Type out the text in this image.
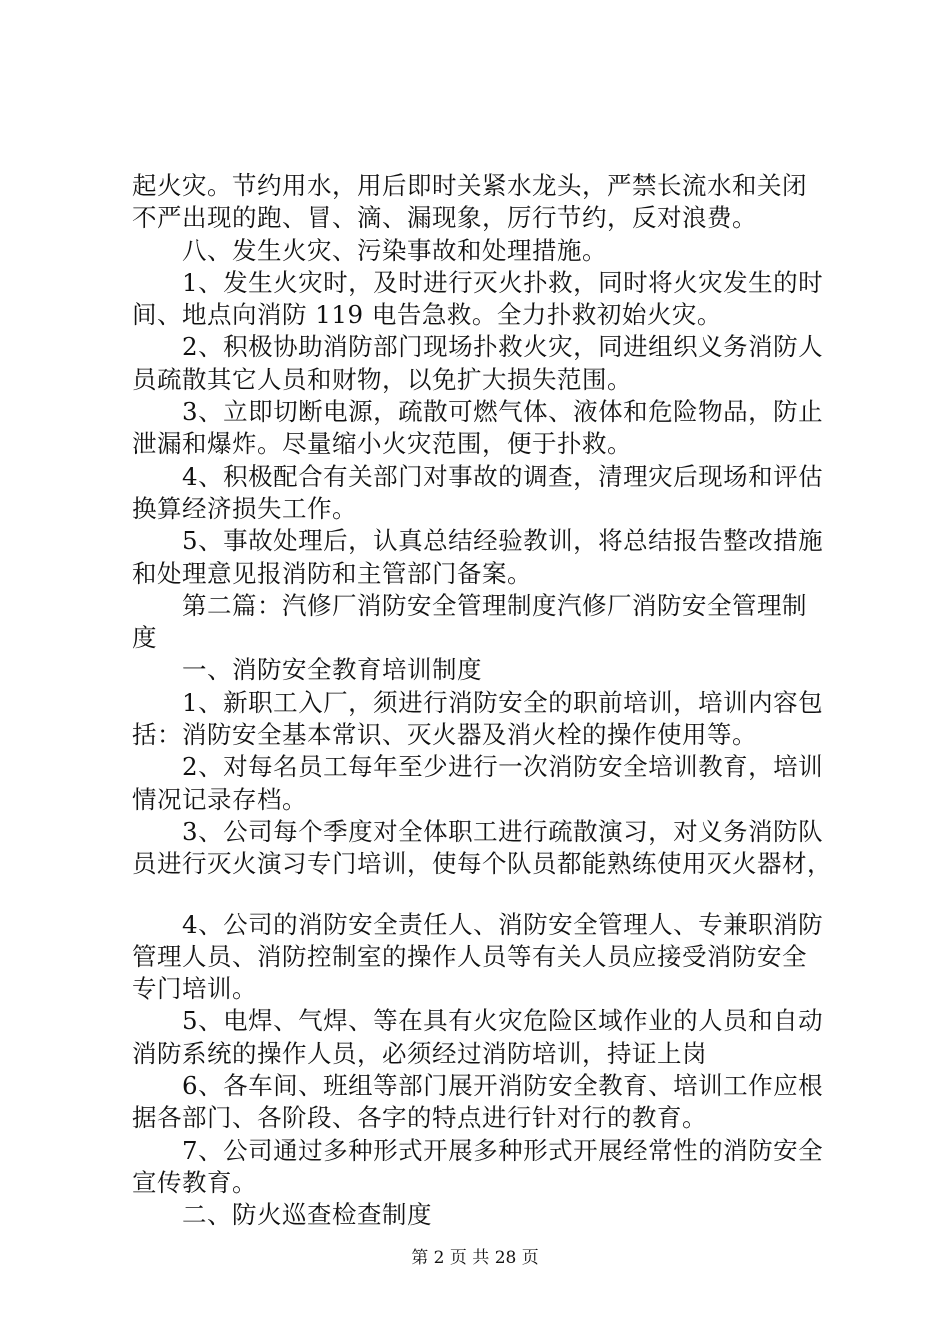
起火灾。节约用水，用后即时关紧水龙头，严禁长流水和关闭
不严出现的跑、冒、滴、漏现象，厉行节约，反对浪费。
八、发生火灾、污染事故和处理措施。
1、发生火灾时，及时进行灭火扑救，同时将火灾发生的时
间、地点向消防 119 电告急救。全力扑救初始火灾。
2、积极协助消防部门现场扑救火灾，同进组织义务消防人
员疏散其它人员和财物，以免扩大损失范围。
3、立即切断电源，疏散可燃气体、液体和危险物品，防止
泄漏和爆炸。尽量缩小火灾范围，便于扑救。
4、积极配合有关部门对事故的调查，清理灾后现场和评估
换算经济损失工作。
5、事故处理后，认真总结经验教训，将总结报告整改措施
和处理意见报消防和主管部门备案。
第二篇：汽修厂消防安全管理制度汽修厂消防安全管理制
度
一、消防安全教育培训制度
1、新职工入厂，须进行消防安全的职前培训，培训内容包
括：消防安全基本常识、灭火器及消火栓的操作使用等。
2、对每名员工每年至少进行一次消防安全培训教育，培训
情况记录存档。
3、公司每个季度对全体职工进行疏散演习，对义务消防队
员进行灭火演习专门培训，使每个队员都能熟练使用灭火器材，
4、公司的消防安全责任人、消防安全管理人、专兼职消防
管理人员、消防控制室的操作人员等有关人员应接受消防安全
专门培训。
5、电焊、气焊、等在具有火灾危险区域作业的人员和自动
消防系统的操作人员，必须经过消防培训，持证上岗
6、各车间、班组等部门展开消防安全教育、培训工作应根
据各部门、各阶段、各字的特点进行针对行的教育。
7、公司通过多种形式开展多种形式开展经常性的消防安全
宣传教育。
二、防火巡查检查制度
第 2 页 共 28 页
